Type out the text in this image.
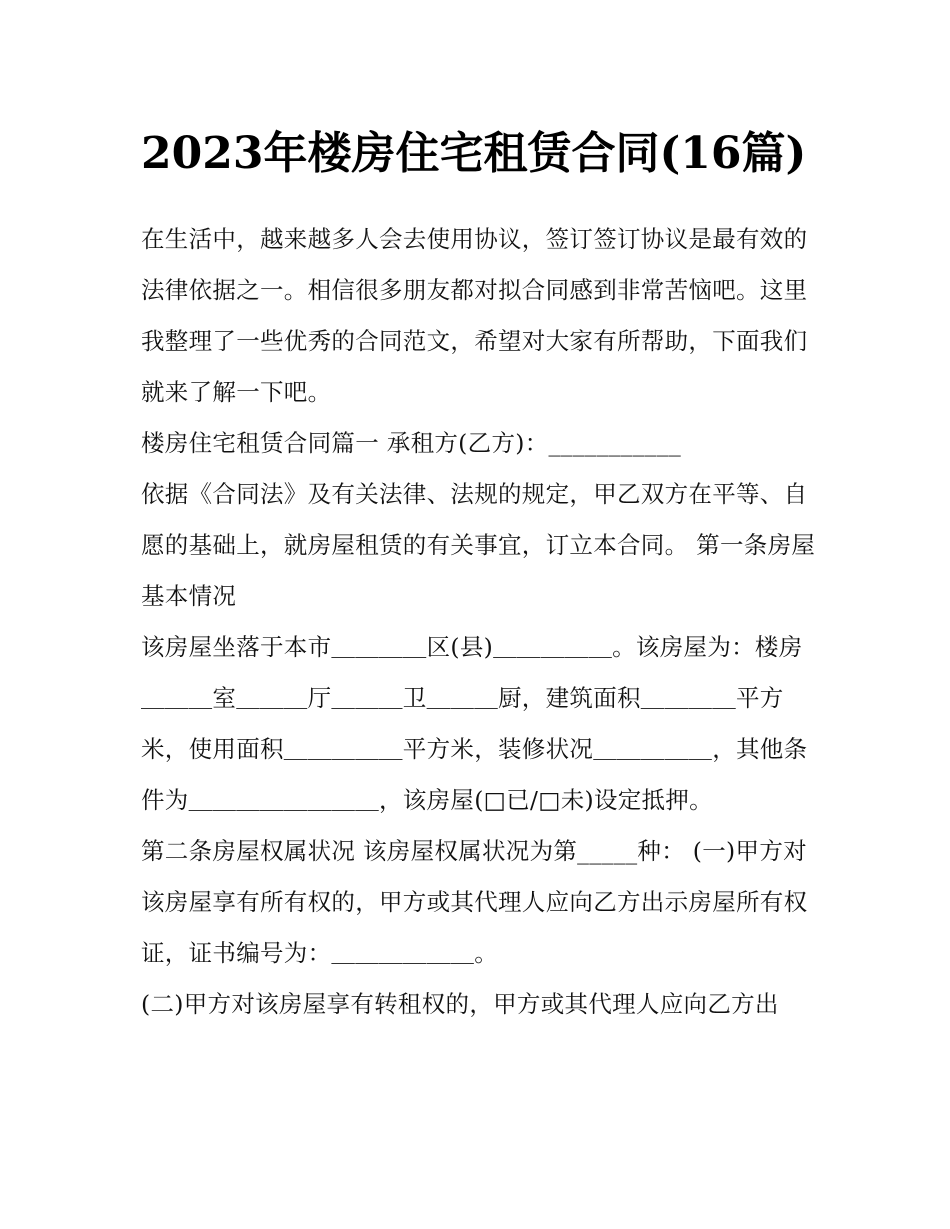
2023年楼房住宅租赁合同(16篇)

在生活中，越来越多人会去使用协议，签订签订协议是最有效的法律依据之一。相信很多朋友都对拟合同感到非常苦恼吧。这里我整理了一些优秀的合同范文，希望对大家有所帮助，下面我们就来了解一下吧。

楼房住宅租赁合同篇一 承租方(乙方)：___________

依据《合同法》及有关法律、法规的规定，甲乙双方在平等、自愿的基础上，就房屋租赁的有关事宜，订立本合同。 第一条房屋基本情况

该房屋坐落于本市＿＿＿＿区(县)＿＿＿＿＿。该房屋为：楼房＿＿＿室＿＿＿厅＿＿＿卫＿＿＿厨，建筑面积＿＿＿＿平方米，使用面积＿＿＿＿＿平方米，装修状况＿＿＿＿＿，其他条件为＿＿＿＿＿＿＿＿，该房屋(□已/□未)设定抵押。

第二条房屋权属状况 该房屋权属状况为第_____种： (一)甲方对该房屋享有所有权的，甲方或其代理人应向乙方出示房屋所有权证，证书编号为：＿＿＿＿＿＿。

(二)甲方对该房屋享有转租权的，甲方或其代理人应向乙方出
